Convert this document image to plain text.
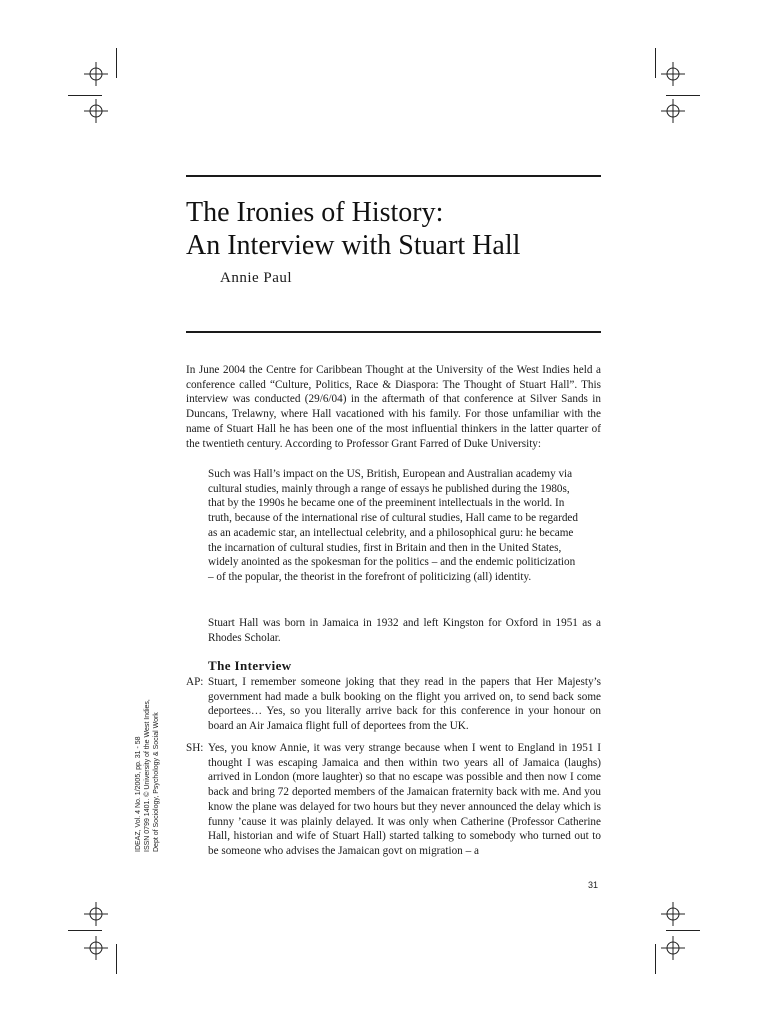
The Ironies of History:
An Interview with Stuart Hall
Annie Paul

In June 2004 the Centre for Caribbean Thought at the University of the West Indies held a conference called “Culture, Politics, Race & Diaspora: The Thought of Stuart Hall”. This interview was conducted (29/6/04) in the aftermath of that conference at Silver Sands in Duncans, Trelawny, where Hall vacationed with his family. For those unfamiliar with the name of Stuart Hall he has been one of the most influential thinkers in the latter quarter of the twentieth century. According to Professor Grant Farred of Duke University:

Such was Hall’s impact on the US, British, European and Australian academy via cultural studies, mainly through a range of essays he published during the 1980s, that by the 1990s he became one of the preeminent intellectuals in the world. In truth, because of the international rise of cultural studies, Hall came to be regarded as an academic star, an intellectual celebrity, and a philosophical guru: he became the incarnation of cultural studies, first in Britain and then in the United States, widely anointed as the spokesman for the politics – and the endemic politicization – of the popular, the theorist in the forefront of politicizing (all) identity.

Stuart Hall was born in Jamaica in 1932 and left Kingston for Oxford in 1951 as a Rhodes Scholar.

The Interview
AP: Stuart, I remember someone joking that they read in the papers that Her Majesty’s government had made a bulk booking on the flight you arrived on, to send back some deportees… Yes, so you literally arrive back for this conference in your honour on board an Air Jamaica flight full of deportees from the UK.
SH: Yes, you know Annie, it was very strange because when I went to England in 1951 I thought I was escaping Jamaica and then within two years all of Jamaica (laughs) arrived in London (more laughter) so that no escape was possible and then now I come back and bring 72 deported members of the Jamaican fraternity back with me. And you know the plane was delayed for two hours but they never announced the delay which is funny ’cause it was plainly delayed. It was only when Catherine (Professor Catherine Hall, historian and wife of Stuart Hall) started talking to somebody who turned out to be someone who advises the Jamaican govt on migration – a
IDEAZ, Vol. 4 No. 1/2005, pp. 31 - 58 ISSN 0799 1401. © University of the West Indies, Dept of Sociology, Psychology & Social Work
31
